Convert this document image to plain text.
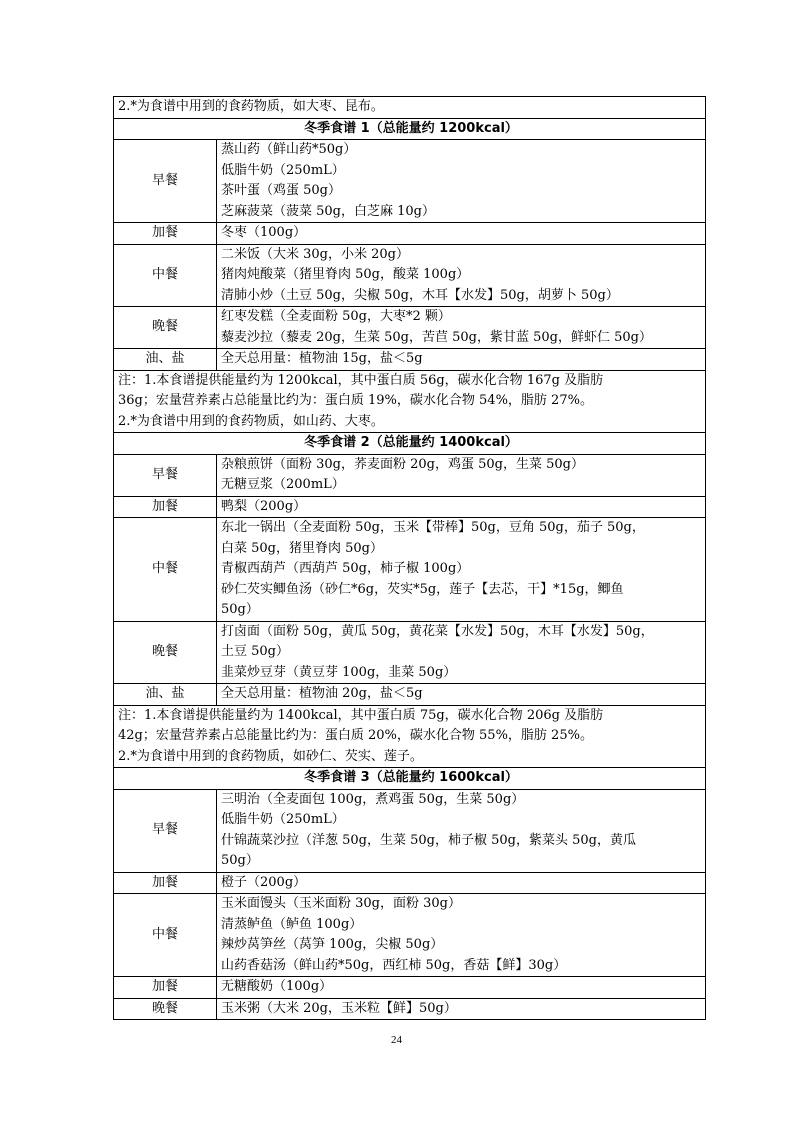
2.*为食谱中用到的食药物质，如大枣、昆布。	

冬季食谱 1（总能量约 1200kcal）	
早餐	蒸山药（鲜山药*50g）
低脂牛奶（250mL）
茶叶蛋（鸡蛋 50g）
芝麻菠菜（菠菜 50g，白芝麻 10g）

加餐	冬枣（100g）

中餐	二米饭（大米 30g，小米 20g）
猪肉炖酸菜（猪里脊肉 50g，酸菜 100g）
清肺小炒（土豆 50g，尖椒 50g，木耳【水发】50g，胡萝卜 50g）

晚餐	红枣发糕（全麦面粉 50g，大枣*2 颗）
藜麦沙拉（藜麦 20g，生菜 50g，苦苣 50g，紫甘蓝 50g，鲜虾仁 50g）

油、盐	全天总用量：植物油 15g，盐＜5g

注：1.本食谱提供能量约为 1200kcal，其中蛋白质 56g，碳水化合物 167g 及脂肪
36g；宏量营养素占总能量比约为：蛋白质 19%，碳水化合物 54%，脂肪 27%。
2.*为食谱中用到的食药物质，如山药、大枣。	

冬季食谱 2（总能量约 1400kcal）	
早餐	杂粮煎饼（面粉 30g，荞麦面粉 20g，鸡蛋 50g，生菜 50g）
无糖豆浆（200mL）

加餐	鸭梨（200g）

中餐	东北一锅出（全麦面粉 50g，玉米【带棒】50g，豆角 50g，茄子 50g，
白菜 50g，猪里脊肉 50g）
青椒西葫芦（西葫芦 50g，柿子椒 100g）
砂仁芡实鲫鱼汤（砂仁*6g，芡实*5g，莲子【去芯，干】*15g，鲫鱼
50g）

晚餐	打卤面（面粉 50g，黄瓜 50g，黄花菜【水发】50g，木耳【水发】50g，
土豆 50g）
韭菜炒豆芽（黄豆芽 100g，韭菜 50g）

油、盐	全天总用量：植物油 20g，盐＜5g

注：1.本食谱提供能量约为 1400kcal，其中蛋白质 75g，碳水化合物 206g 及脂肪
42g；宏量营养素占总能量比约为：蛋白质 20%，碳水化合物 55%，脂肪 25%。
2.*为食谱中用到的食药物质，如砂仁、芡实、莲子。	

冬季食谱 3（总能量约 1600kcal）	
早餐	三明治（全麦面包 100g，煮鸡蛋 50g，生菜 50g）
低脂牛奶（250mL）
什锦蔬菜沙拉（洋葱 50g，生菜 50g，柿子椒 50g，紫菜头 50g，黄瓜
50g）

加餐	橙子（200g）

中餐	玉米面馒头（玉米面粉 30g，面粉 30g）
清蒸鲈鱼（鲈鱼 100g）
辣炒莴笋丝（莴笋 100g，尖椒 50g）
山药香菇汤（鲜山药*50g，西红柿 50g，香菇【鲜】30g）

加餐	无糖酸奶（100g）

晚餐	玉米粥（大米 20g，玉米粒【鲜】50g）
24
